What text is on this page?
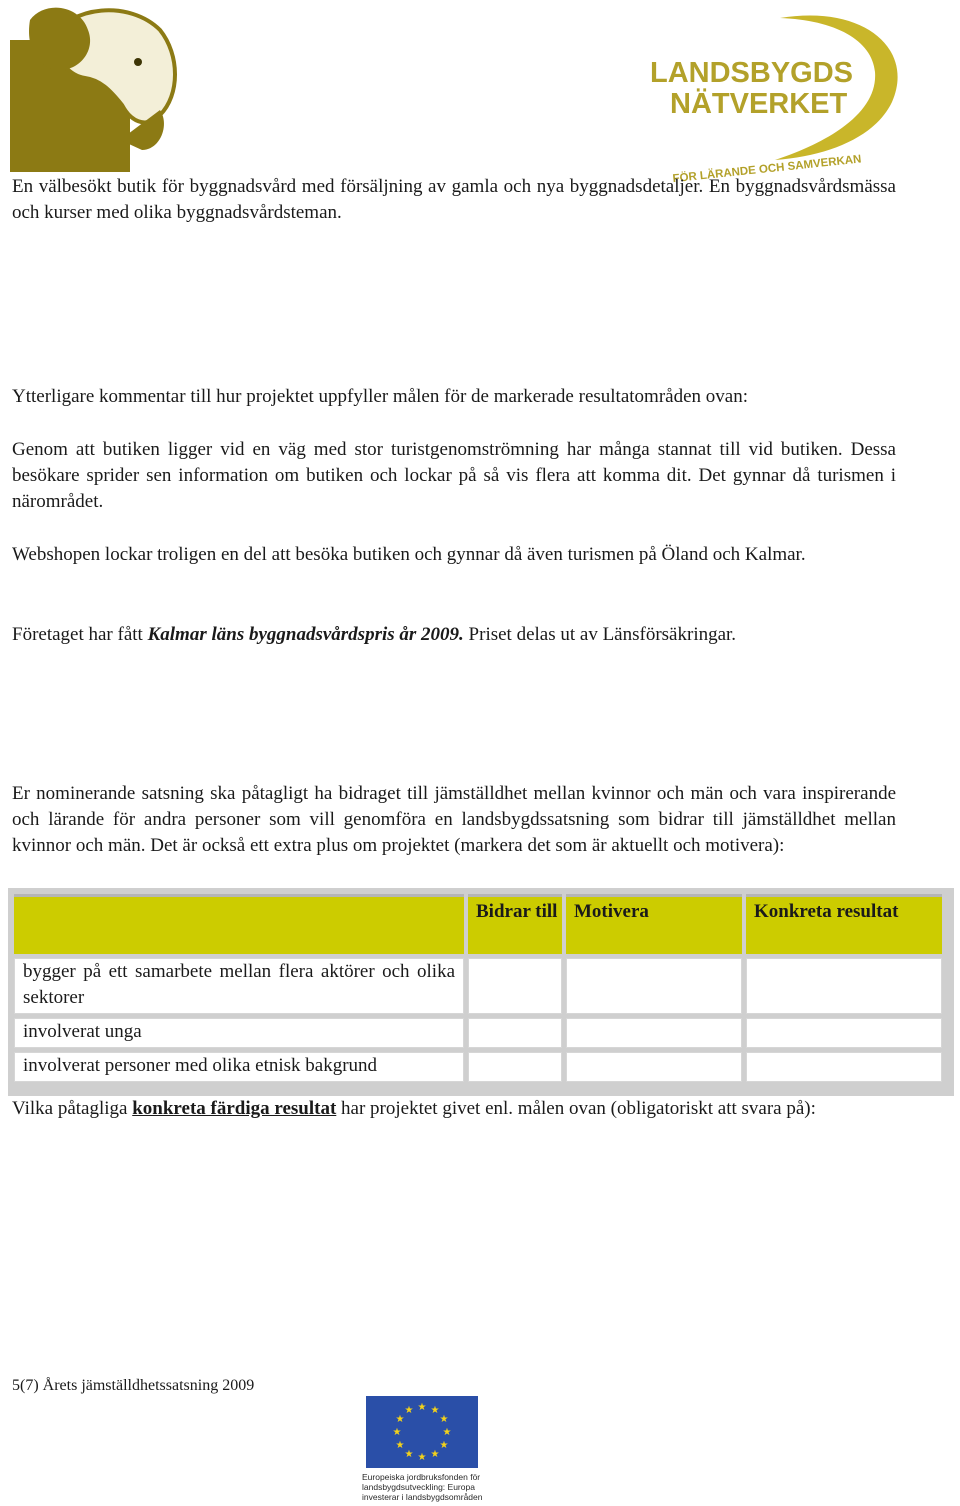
LANDSBYGDS
NÄTVERKET
FÖR LÄRANDE OCH SAMVERKAN
En välbesökt butik för byggnadsvård med försäljning av gamla och nya byggnadsdetaljer. En byggnadsvårdsmässa och kurser med olika byggnadsvårdsteman.
Ytterligare kommentar till hur projektet uppfyller målen för de markerade resultatområden ovan:
Genom att butiken ligger vid en väg med stor turistgenomströmning har många stannat till vid butiken. Dessa besökare sprider sen information om butiken och lockar på så vis flera att komma dit. Det gynnar då turismen i närområdet.
Webshopen lockar troligen en del att besöka butiken och gynnar då även turismen på Öland och Kalmar.
Företaget har fått Kalmar läns byggnadsvårdspris år 2009. Priset delas ut av Länsförsäkringar.
Er nominerande satsning ska påtagligt ha bidraget till jämställdhet mellan kvinnor och män och vara inspirerande och lärande för andra personer som vill genomföra en landsbygdssatsning som bidrar till jämställdhet mellan kvinnor och män. Det är också ett extra plus om projektet (markera det som är aktuellt och motivera):
Bidrar till Motivera	Konkreta resultat
bygger på ett samarbete mellan flera aktörer och olika sektorer
involverat unga
involverat personer med olika etnisk bakgrund
Vilka påtagliga konkreta färdiga resultat har projektet givet enl. målen ovan (obligatoriskt att svara på):
5(7) Årets jämställdhetssatsning 2009
★ ★
★
★
★
★
★
★
★
★
★
★
Europeiska jordbruksfonden för
landsbygdsutveckling: Europa
investerar i landsbygdsområden
